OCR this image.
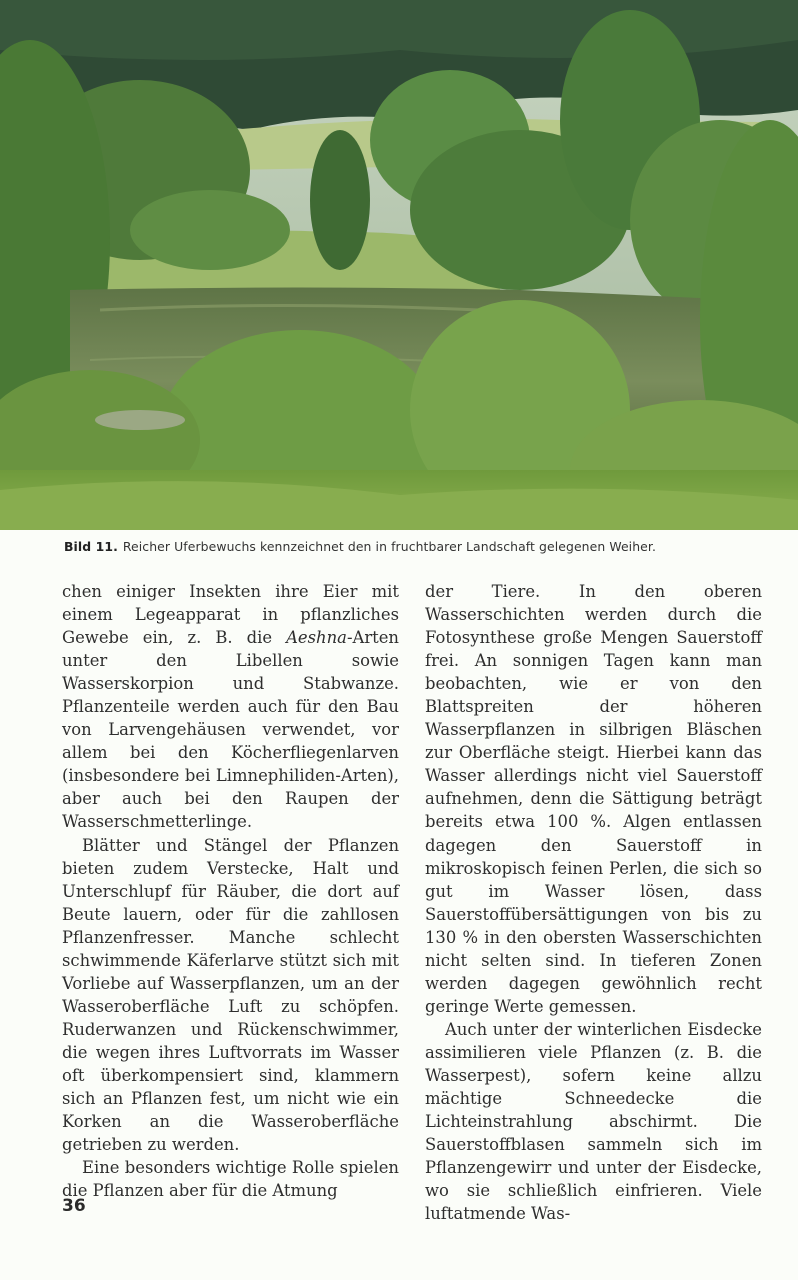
Bild 11. Reicher Uferbewuchs kennzeichnet den in fruchtbarer Landschaft gelegenen Weiher.

chen einiger Insekten ihre Eier mit einem Legeapparat in pflanzliches Gewebe ein, z. B. die Aeshna-Arten unter den Libellen sowie Wasserskorpion und Stabwanze. Pflanzenteile werden auch für den Bau von Larvengehäusen verwendet, vor allem bei den Köcherfliegenlarven (insbesondere bei Limnephiliden-Arten), aber auch bei den Raupen der Wasserschmetterlinge.

Blätter und Stängel der Pflanzen bieten zudem Verstecke, Halt und Unterschlupf für Räuber, die dort auf Beute lauern, oder für die zahllosen Pflanzenfresser. Manche schlecht schwimmende Käferlarve stützt sich mit Vorliebe auf Wasserpflanzen, um an der Wasseroberfläche Luft zu schöpfen. Ruderwanzen und Rückenschwimmer, die wegen ihres Luftvorrats im Wasser oft überkompensiert sind, klammern sich an Pflanzen fest, um nicht wie ein Korken an die Wasseroberfläche getrieben zu werden.

Eine besonders wichtige Rolle spielen die Pflanzen aber für die Atmung

der Tiere. In den oberen Wasserschichten werden durch die Fotosynthese große Mengen Sauerstoff frei. An sonnigen Tagen kann man beobachten, wie er von den Blattspreiten der höheren Wasserpflanzen in silbrigen Bläschen zur Oberfläche steigt. Hierbei kann das Wasser allerdings nicht viel Sauerstoff aufnehmen, denn die Sättigung beträgt bereits etwa 100 %. Algen entlassen dagegen den Sauerstoff in mikroskopisch feinen Perlen, die sich so gut im Wasser lösen, dass Sauerstoffübersättigungen von bis zu 130 % in den obersten Wasserschichten nicht selten sind. In tieferen Zonen werden dagegen gewöhnlich recht geringe Werte gemessen.

Auch unter der winterlichen Eisdecke assimilieren viele Pflanzen (z. B. die Wasserpest), sofern keine allzu mächtige Schneedecke die Lichteinstrahlung abschirmt. Die Sauerstoffblasen sammeln sich im Pflanzengewirr und unter der Eisdecke, wo sie schließlich einfrieren. Viele luftatmende Was-

36
